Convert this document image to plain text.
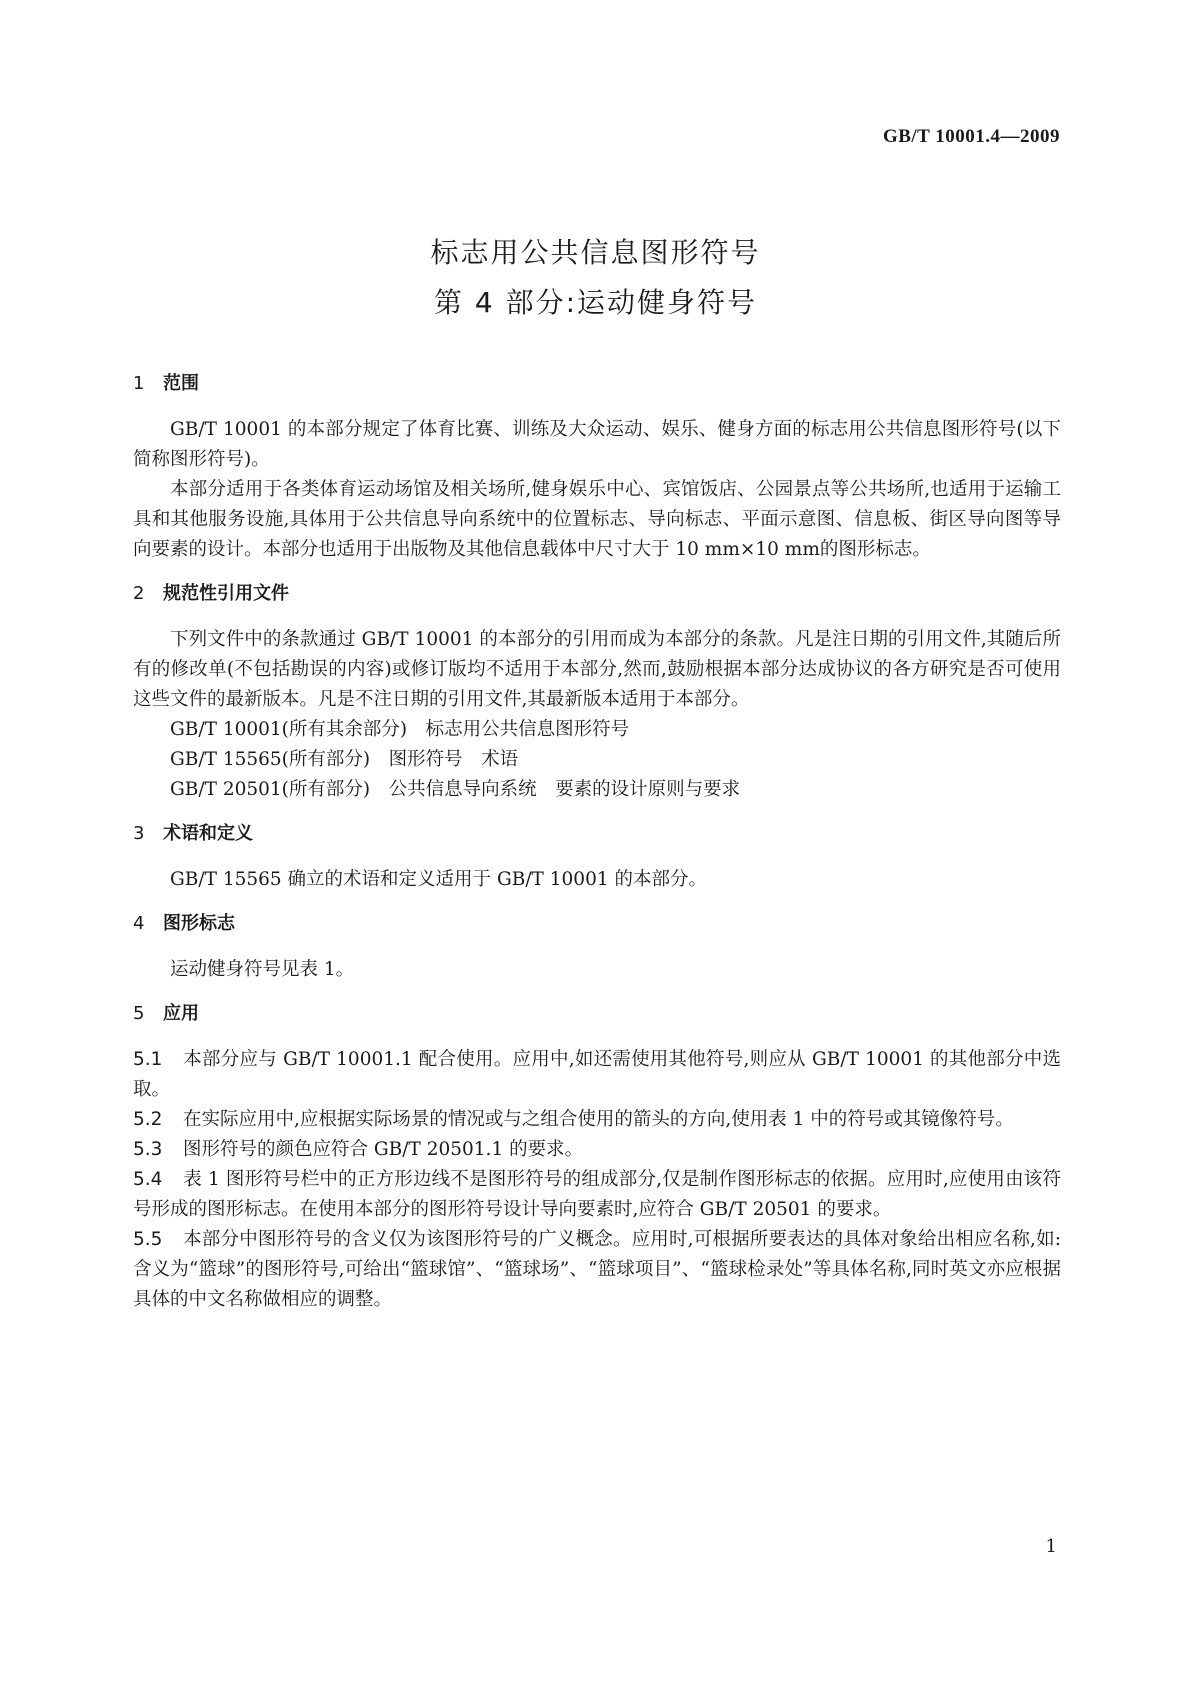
GB/T 10001.4—2009
标志用公共信息图形符号
第 4 部分:运动健身符号
1 范围

GB/T 10001 的本部分规定了体育比赛、训练及大众运动、娱乐、健身方面的标志用公共信息图形符号(以下简称图形符号)。

本部分适用于各类体育运动场馆及相关场所,健身娱乐中心、宾馆饭店、公园景点等公共场所,也适用于运输工具和其他服务设施,具体用于公共信息导向系统中的位置标志、导向标志、平面示意图、信息板、街区导向图等导向要素的设计。本部分也适用于出版物及其他信息载体中尺寸大于 10 mm×10 mm的图形标志。

2 规范性引用文件

下列文件中的条款通过 GB/T 10001 的本部分的引用而成为本部分的条款。凡是注日期的引用文件,其随后所有的修改单(不包括勘误的内容)或修订版均不适用于本部分,然而,鼓励根据本部分达成协议的各方研究是否可使用这些文件的最新版本。凡是不注日期的引用文件,其最新版本适用于本部分。

GB/T 10001(所有其余部分)　标志用公共信息图形符号
GB/T 15565(所有部分)　图形符号　术语
GB/T 20501(所有部分)　公共信息导向系统　要素的设计原则与要求
3 术语和定义

GB/T 15565 确立的术语和定义适用于 GB/T 10001 的本部分。

4 图形标志

运动健身符号见表 1。

5 应用
5.1 本部分应与 GB/T 10001.1 配合使用。应用中,如还需使用其他符号,则应从 GB/T 10001 的其他部分中选取。
5.2 在实际应用中,应根据实际场景的情况或与之组合使用的箭头的方向,使用表 1 中的符号或其镜像符号。
5.3 图形符号的颜色应符合 GB/T 20501.1 的要求。
5.4 表 1 图形符号栏中的正方形边线不是图形符号的组成部分,仅是制作图形标志的依据。应用时,应使用由该符号形成的图形标志。在使用本部分的图形符号设计导向要素时,应符合 GB/T 20501 的要求。
5.5 本部分中图形符号的含义仅为该图形符号的广义概念。应用时,可根据所要表达的具体对象给出相应名称,如:含义为“篮球”的图形符号,可给出“篮球馆”、“篮球场”、“篮球项目”、“篮球检录处”等具体名称,同时英文亦应根据具体的中文名称做相应的调整。
1
